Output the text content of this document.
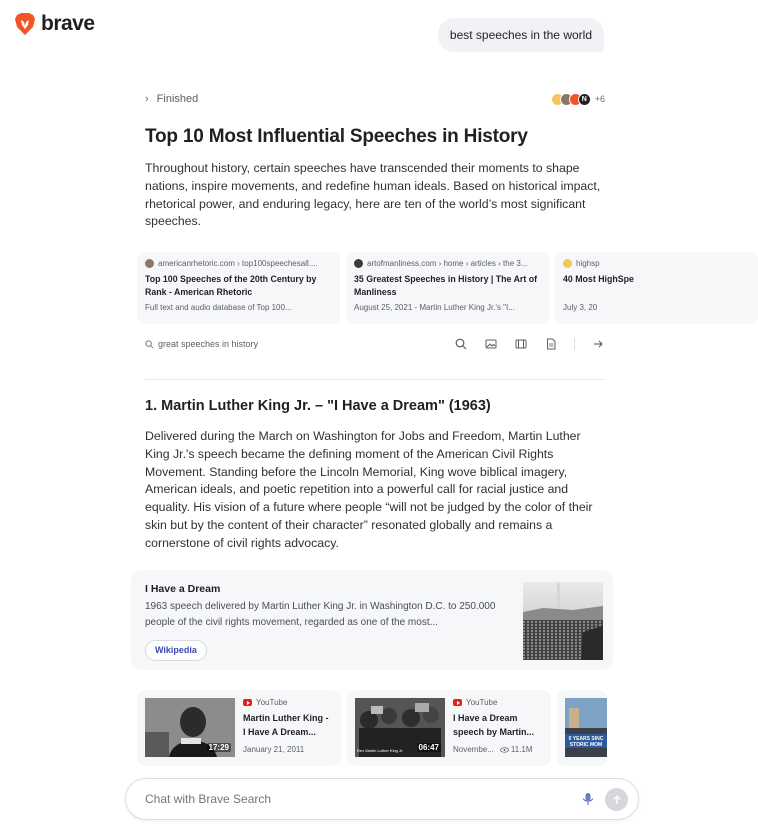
brave	best speeches in the world
› Finished	N +6
Top 10 Most Influential Speeches in History

Throughout history, certain speeches have transcended their moments to shape nations, inspire movements, and redefine human ideals. Based on historical impact, rhetorical power, and enduring legacy, here are ten of the world’s most significant speeches.

americanrhetoric.com › top100speechesall....
Top 100 Speeches of the 20th Century by Rank - American Rhetoric
Full text and audio database of Top 100...
artofmanliness.com › home › articles › the 3...
35 Greatest Speeches in History | The Art of Manliness
August 25, 2021 - Martin Luther King Jr.'s "I...
highsp
40 Most HighSpe
July 3, 20
great speeches in history
1. Martin Luther King Jr. – "I Have a Dream" (1963)

Delivered during the March on Washington for Jobs and Freedom, Martin Luther King Jr.'s speech became the defining moment of the American Civil Rights Movement. Standing before the Lincoln Memorial, King wove biblical imagery, American ideals, and poetic repetition into a powerful call for racial justice and equality. His vision of a future where people “will not be judged by the color of their skin but by the content of their character” resonated globally and remains a cornerstone of civil rights advocacy.

I Have a Dream
1963 speech delivered by Martin Luther King Jr. in Washington D.C. to 250.000 people of the civil rights movement, regarded as one of the most...
Wikipedia
17:29
YouTube
Martin Luther King - I Have A Dream...
January 21, 2011	Rev Martin Luther King Jr. 06:47
YouTube
I Have a Dream speech by Martin...
Novembe... 11.1M
0 YEARS SINC STORIC MOM
Chat with Brave Search
